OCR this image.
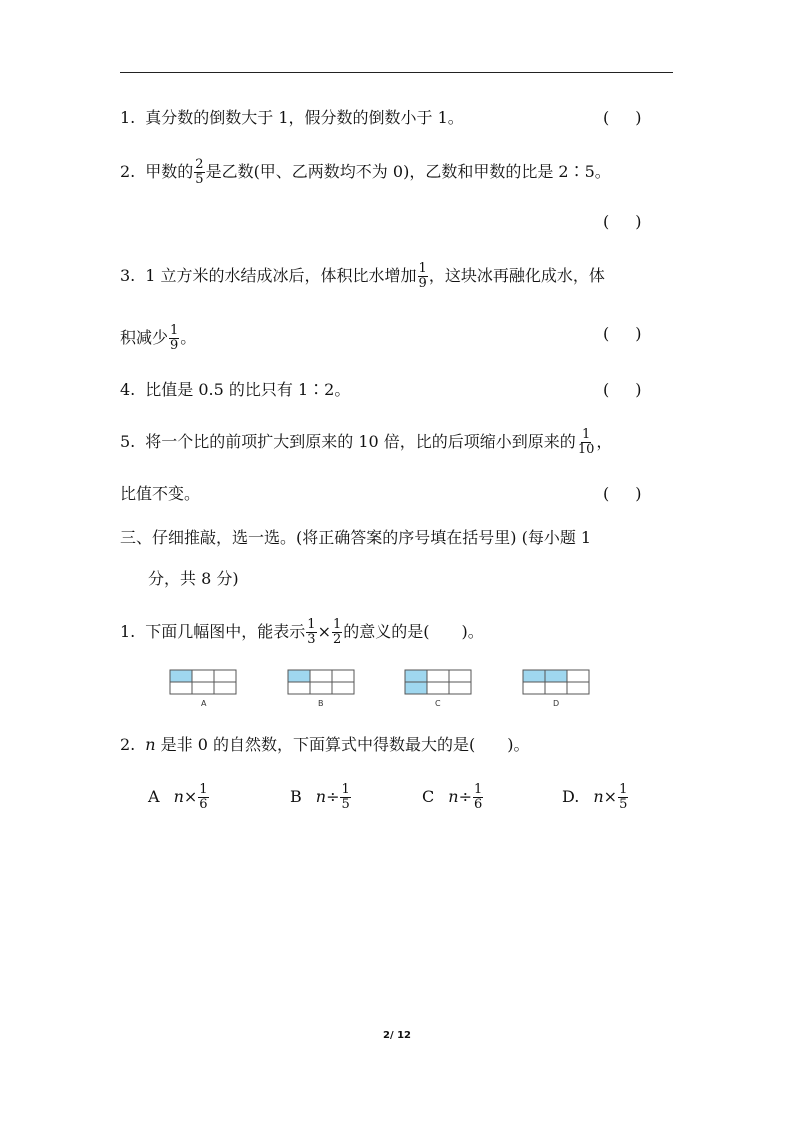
1. 真分数的倒数大于 1，假分数的倒数小于 1。	( )
2. 甲数的 $\frac{2}{5}$ 是乙数(甲、乙两数均不为 0)，乙数和甲数的比是 2∶5。
( )
3. 1 立方米的水结成冰后，体积比水增加 $\frac{1}{9}$ ，这块冰再融化成水，体
积减少 $\frac{1}{9}$ 。	( )
4. 比值是 0.5 的比只有 1∶2。	( )
5. 将一个比的前项扩大到原来的 10 倍，比的后项缩小到原来的 $\frac{1}{10}$ ，
比值不变。	( )
三、仔细推敲，选一选。(将正确答案的序号填在括号里) (每小题 1
分，共 8 分)
1. 下面几幅图中，能表示 $\frac{1}{3} \times \frac{1}{2}$ 的意义的是(　　)。
A	B	C	D
2. n 是非 0 的自然数，下面算式中得数最大的是(　　)。
A $n\times \frac{1}{6}$	B $n\div \frac{1}{5}$	C $n\div \frac{1}{6}$	D. $n\times \frac{1}{5}$
2/ 12
